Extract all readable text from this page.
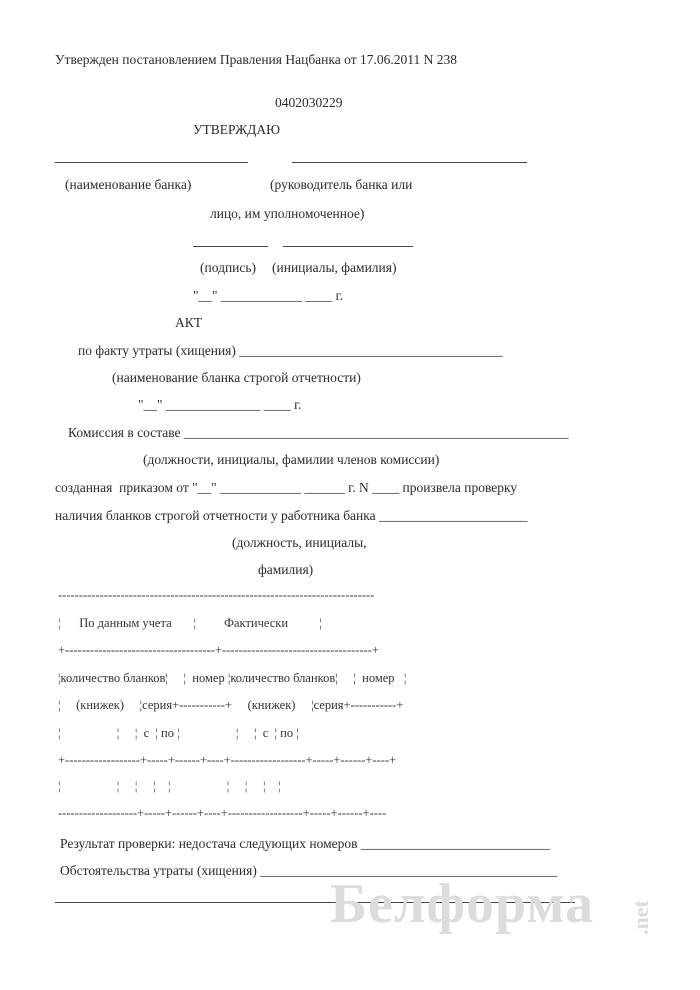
Утвержден постановлением Правления Нацбанка от 17.06.2011 N 238
0402030229
УТВЕРЖДАЮ
(наименование банка)	(руководитель банка или
лицо, им уполномоченное)
(подпись) (инициалы, фамилия)
"__" ____________ ____ г.
АКТ
по факту утраты (хищения) _______________________________________
(наименование бланка строгой отчетности)
"__" ______________ ____ г.
Комиссия в составе _________________________________________________________
(должности, инициалы, фамилии членов комиссии)
созданная  приказом от "__" ____________ ______ г. N ____ произвела проверку
наличия бланков строгой отчетности у работника банка ______________________
(должность, инициалы,
фамилия)
----------------------------------------------------------------------------
¦      По данным учета       ¦         Фактически          ¦
+------------------------------------+------------------------------------+
¦количество бланков¦     ¦  номер ¦количество бланков¦     ¦  номер   ¦
¦     (книжек)     ¦серия+-----------+     (книжек)     ¦серия+-----------+
¦                  ¦     ¦  с  ¦ по ¦                  ¦     ¦  с  ¦ по ¦
+------------------+-----+------+----+------------------+-----+------+----+
¦                  ¦     ¦     ¦    ¦                  ¦     ¦     ¦    ¦
-------------------+-----+------+----+------------------+-----+------+----
Результат проверки: недостача следующих номеров ____________________________
Обстоятельства утраты (хищения) ____________________________________________
Белформа .net
